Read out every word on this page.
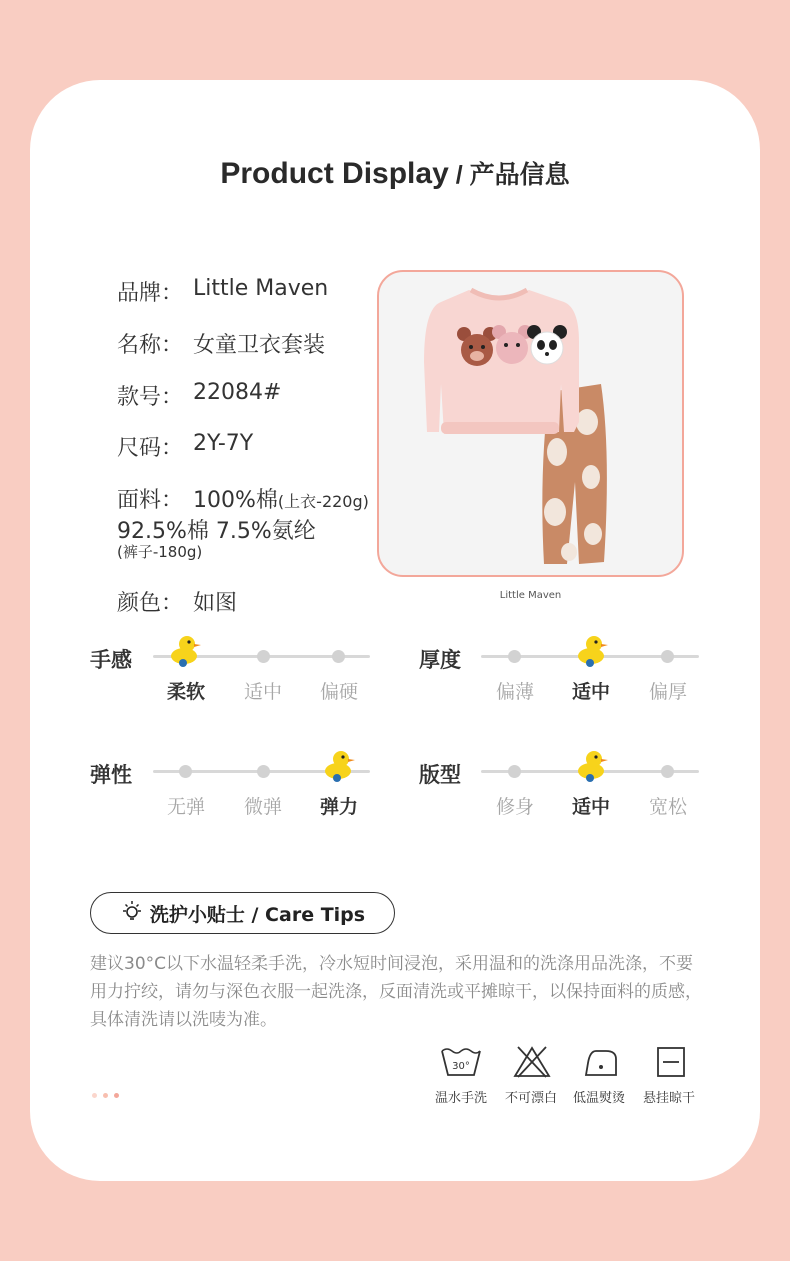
Product Display / 产品信息
品牌： Little Maven
名称： 女童卫衣套装
款号： 22084#
尺码： 2Y-7Y
面料： 100%棉 (上衣-220g)
92.5%棉 7.5%氨纶
(裤子-180g)
颜色： 如图	Little Maven
手感
柔软	适中	偏硬
厚度
偏薄	适中	偏厚
弹性
无弹	微弹	弹力
版型
修身	适中	宽松
洗护小贴士 / Care Tips
建议30°C以下水温轻柔手洗，冷水短时间浸泡，采用温和的洗涤用品洗涤，不要用力拧绞，请勿与深色衣服一起洗涤，反面清洗或平摊晾干，以保持面料的质感，具体清洗请以洗唛为准。
30°
温水手洗 不可漂白 低温熨烫 悬挂晾干
